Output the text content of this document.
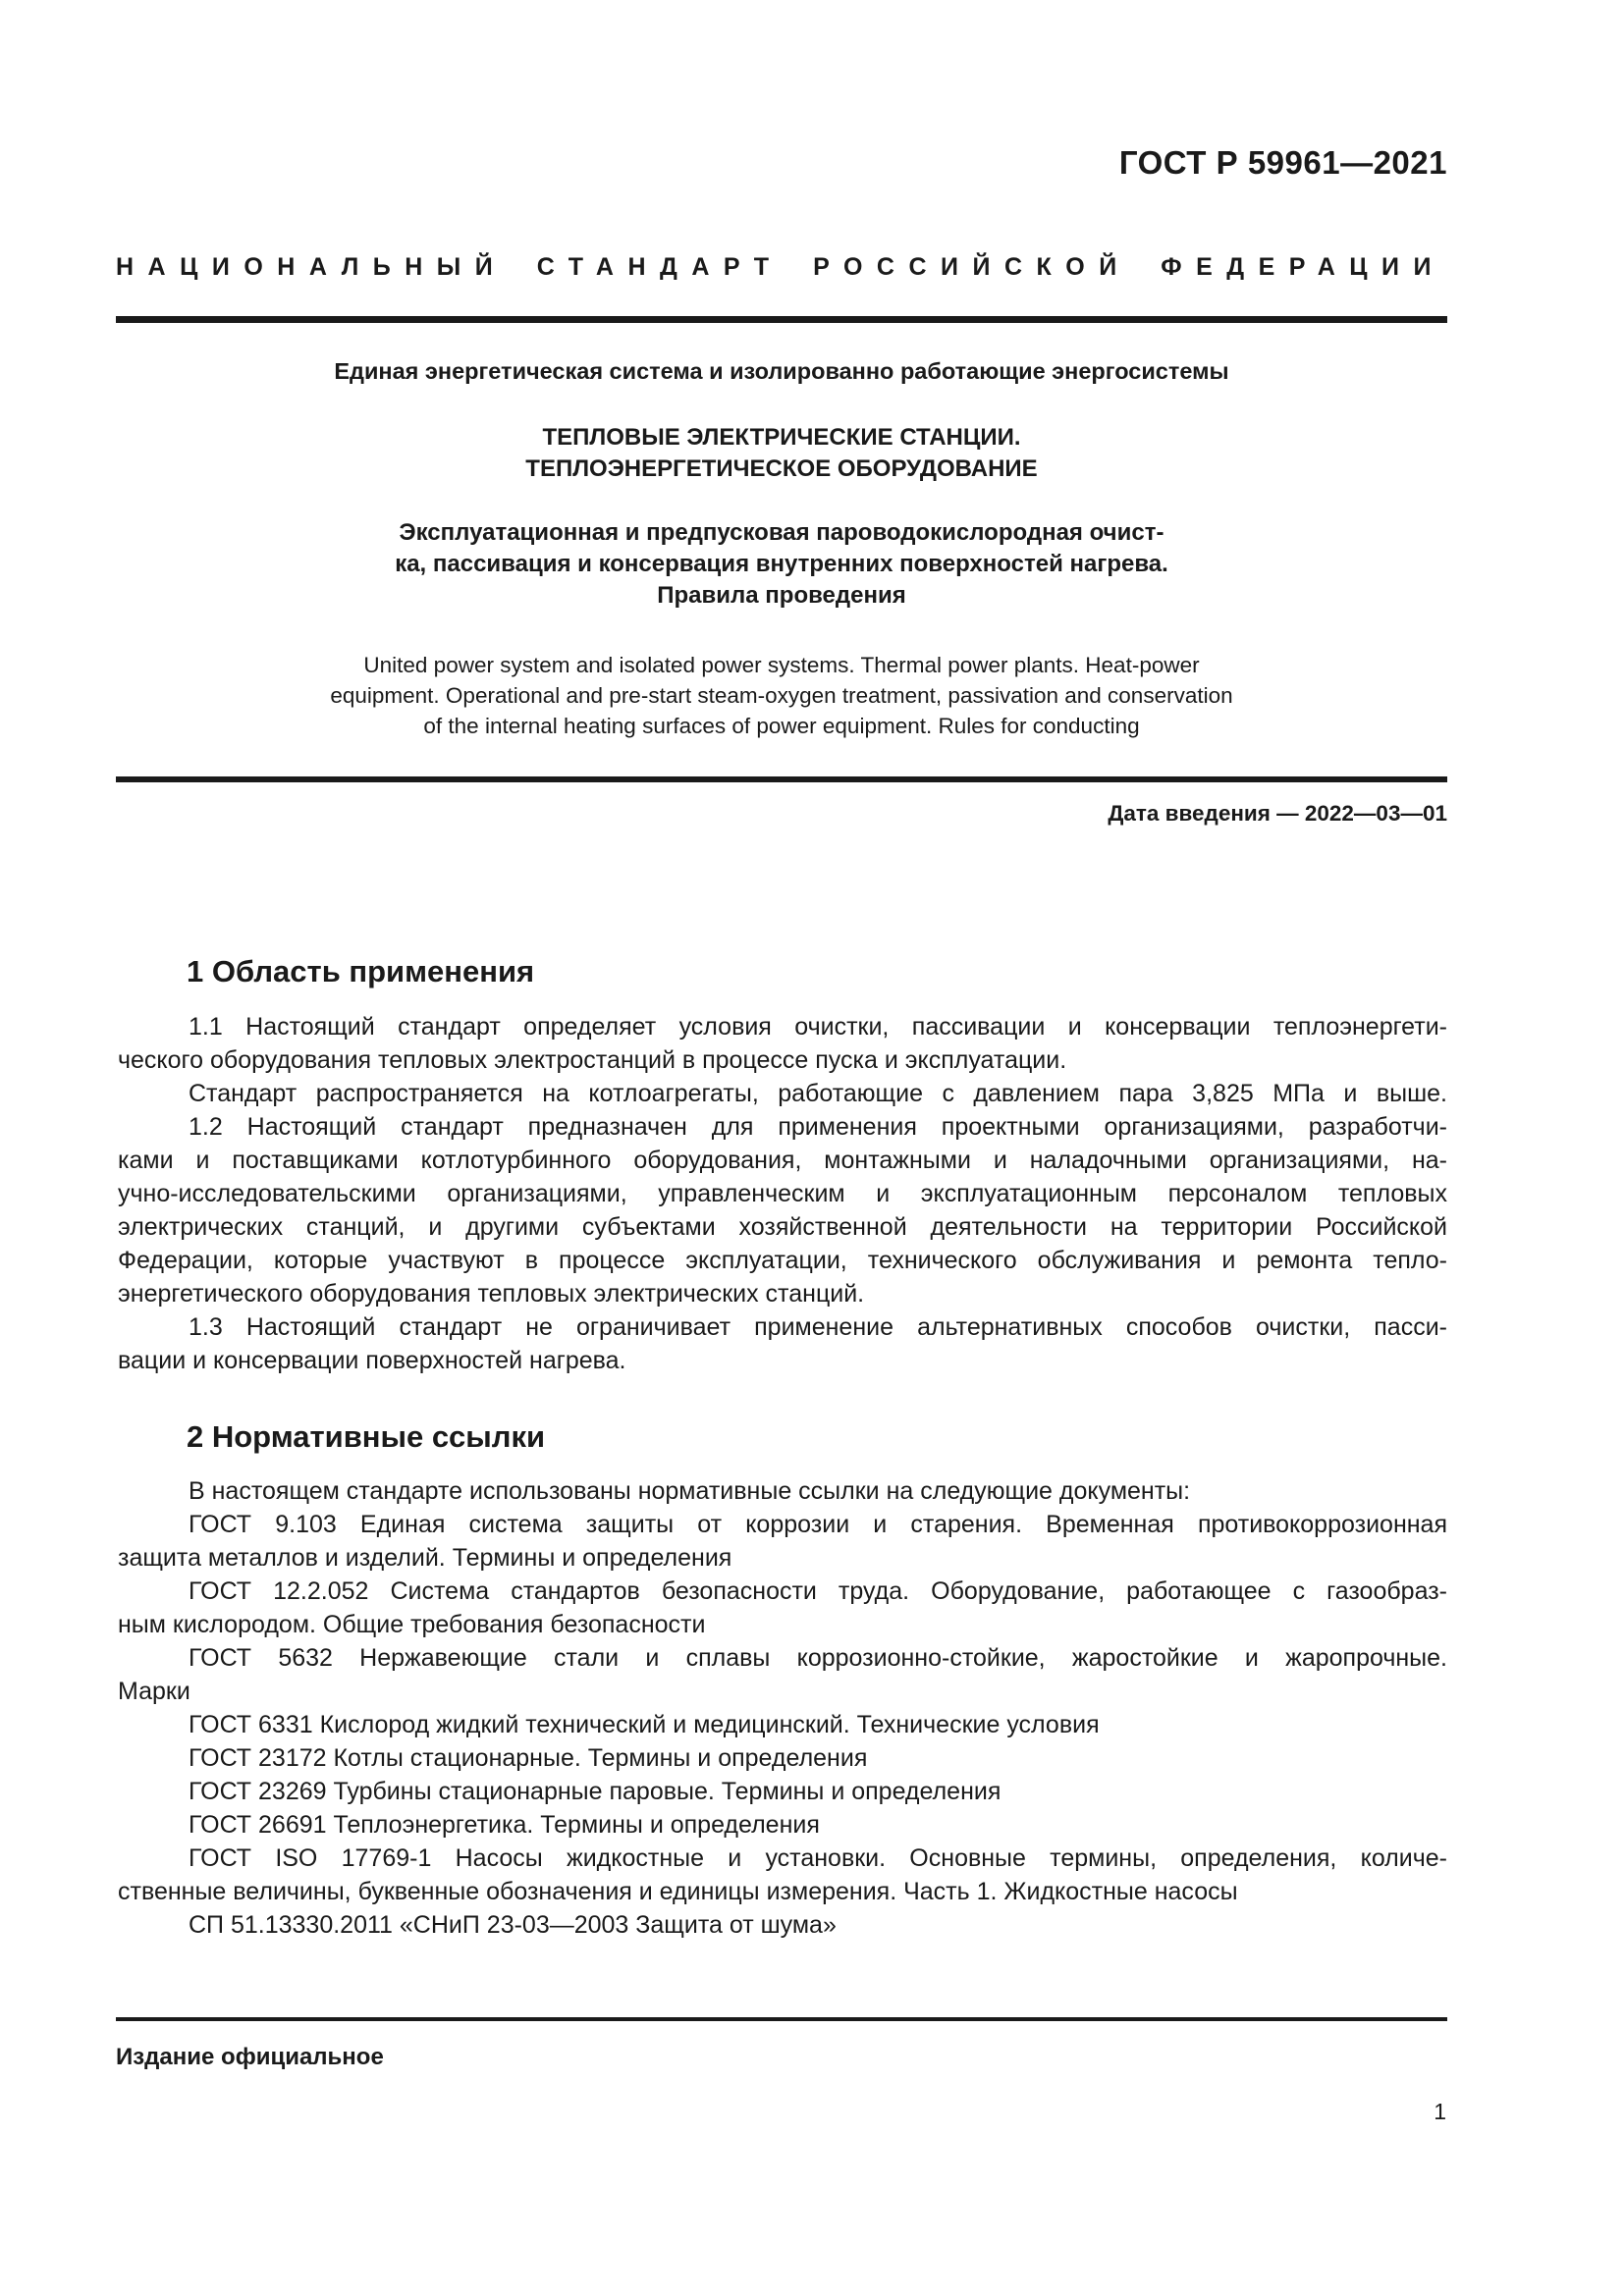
ГОСТ Р 59961—2021
НАЦИОНАЛЬНЫЙ СТАНДАРТ РОССИЙСКОЙ ФЕДЕРАЦИИ
Единая энергетическая система и изолированно работающие энергосистемы
ТЕПЛОВЫЕ ЭЛЕКТРИЧЕСКИЕ СТАНЦИИ.
ТЕПЛОЭНЕРГЕТИЧЕСКОЕ ОБОРУДОВАНИЕ
Эксплуатационная и предпусковая пароводокислородная очист-
ка, пассивация и консервация внутренних поверхностей нагрева.
Правила проведения
United power system and isolated power systems. Thermal power plants. Heat-power
equipment. Operational and pre-start steam-oxygen treatment, passivation and conservation
of the internal heating surfaces of power equipment. Rules for conducting
Дата введения — 2022—03—01
1 Область применения

1.1 Настоящий стандарт определяет условия очистки, пассивации и консервации теплоэнергети-

ческого оборудования тепловых электростанций в процессе пуска и эксплуатации.

Стандарт распространяется на котлоагрегаты, работающие с давлением пара 3,825 МПа и выше.

1.2 Настоящий стандарт предназначен для применения проектными организациями, разработчи-

ками и поставщиками котлотурбинного оборудования, монтажными и наладочными организациями, на-

учно-исследовательскими организациями, управленческим и эксплуатационным персоналом тепловых

электрических станций, и другими субъектами хозяйственной деятельности на территории Российской

Федерации, которые участвуют в процессе эксплуатации, технического обслуживания и ремонта тепло-

энергетического оборудования тепловых электрических станций.

1.3 Настоящий стандарт не ограничивает применение альтернативных способов очистки, пасси-

вации и консервации поверхностей нагрева.

2 Нормативные ссылки

В настоящем стандарте использованы нормативные ссылки на следующие документы:

ГОСТ 9.103 Единая система защиты от коррозии и старения. Временная противокоррозионная

защита металлов и изделий. Термины и определения

ГОСТ 12.2.052 Система стандартов безопасности труда. Оборудование, работающее с газообраз-

ным кислородом. Общие требования безопасности

ГОСТ 5632 Нержавеющие стали и сплавы коррозионно-стойкие, жаростойкие и жаропрочные.

Марки

ГОСТ 6331 Кислород жидкий технический и медицинский. Технические условия

ГОСТ 23172 Котлы стационарные. Термины и определения

ГОСТ 23269 Турбины стационарные паровые. Термины и определения

ГОСТ 26691 Теплоэнергетика. Термины и определения

ГОСТ ISO 17769-1 Насосы жидкостные и установки. Основные термины, определения, количе-

ственные величины, буквенные обозначения и единицы измерения. Часть 1. Жидкостные насосы

СП 51.13330.2011 «СНиП 23-03—2003 Защита от шума»

Издание официальное
1
